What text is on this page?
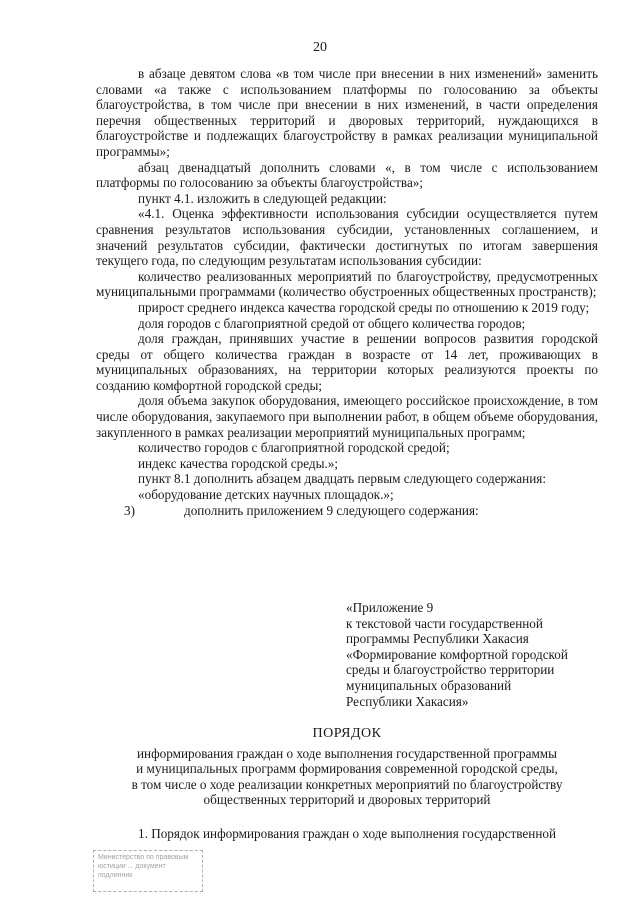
20

в абзаце девятом слова «в том числе при внесении в них изменений» заменить словами «а также с использованием платформы по голосованию за объекты благоустройства, в том числе при внесении в них изменений, в части определения перечня общественных территорий и дворовых территорий, нуждающихся в благоустройстве и подлежащих благоустройству в рамках реализации муниципальной программы»;

абзац двенадцатый дополнить словами «, в том числе с использованием платформы по голосованию за объекты благоустройства»;

пункт 4.1. изложить в следующей редакции:

«4.1. Оценка эффективности использования субсидии осуществляется путем сравнения результатов использования субсидии, установленных соглашением, и значений результатов субсидии, фактически достигнутых по итогам завершения текущего года, по следующим результатам использования субсидии:

количество реализованных мероприятий по благоустройству, предусмотренных муниципальными программами (количество обустроенных общественных пространств);

прирост среднего индекса качества городской среды по отношению к 2019 году;

доля городов с благоприятной средой от общего количества городов;

доля граждан, принявших участие в решении вопросов развития городской среды от общего количества граждан в возрасте от 14 лет, проживающих в муниципальных образованиях, на территории которых реализуются проекты по созданию комфортной городской среды;

доля объема закупок оборудования, имеющего российское происхождение, в том числе оборудования, закупаемого при выполнении работ, в общем объеме оборудования, закупленного в рамках реализации мероприятий муниципальных программ;

количество городов с благоприятной городской средой;

индекс качества городской среды.»;

пункт 8.1 дополнить абзацем двадцать первым следующего содержания:

«оборудование детских научных площадок.»;

3)	дополнить приложением 9 следующего содержания:

«Приложение 9
к текстовой части государственной
программы Республики Хакасия
«Формирование комфортной городской
среды и благоустройство территории
муниципальных образований
Республики Хакасия»
ПОРЯДОК
информирования граждан о ходе выполнения государственной программы
и муниципальных программ формирования современной городской среды,
в том числе о ходе реализации конкретных мероприятий по благоустройству
общественных территорий и дворовых территорий

1. Порядок информирования граждан о ходе выполнения государственной

Министерство по правовым
юстиции ... документ
подлинник
